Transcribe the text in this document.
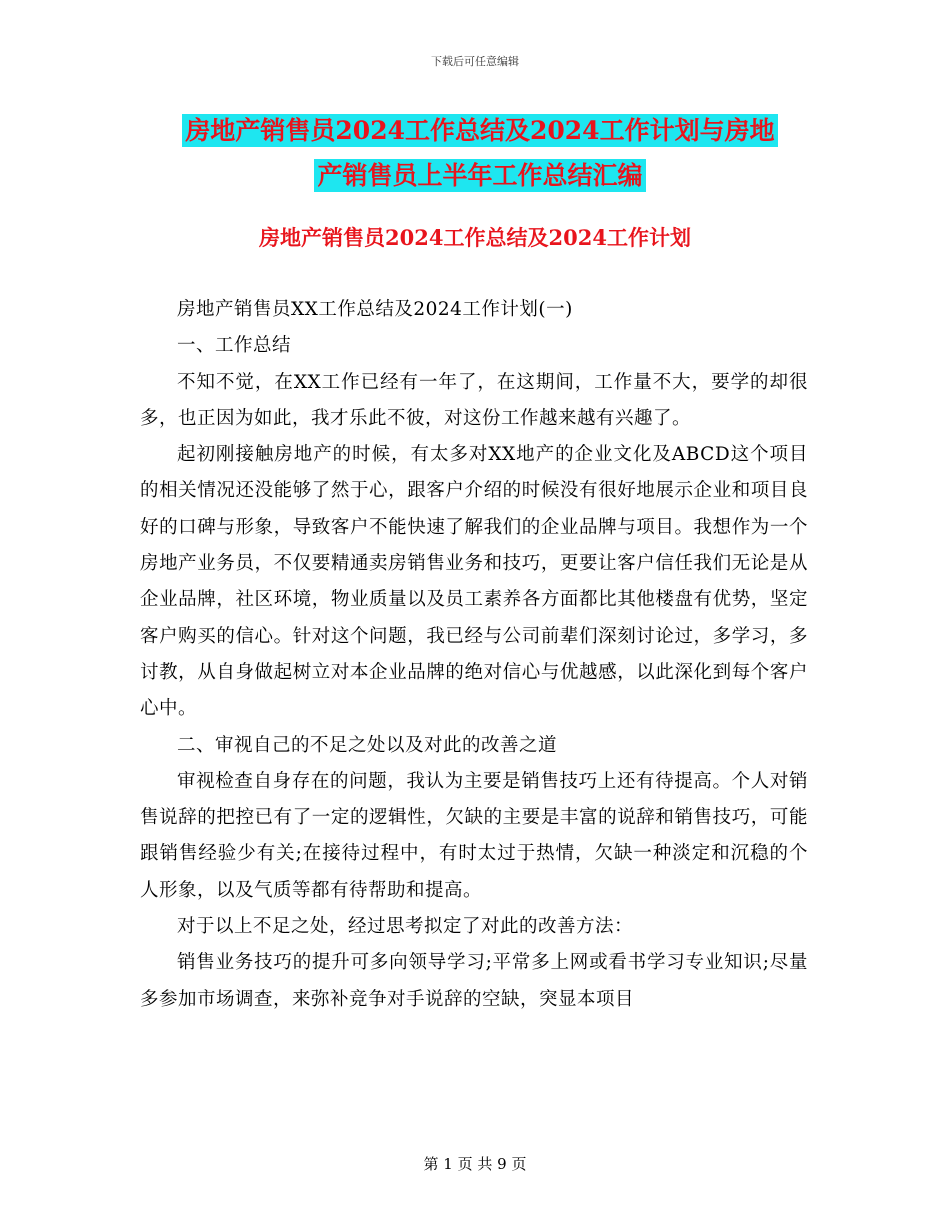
下载后可任意编辑
房地产销售员2024工作总结及2024工作计划与房地
产销售员上半年工作总结汇编
房地产销售员2024工作总结及2024工作计划

房地产销售员XX工作总结及2024工作计划(一)

一、工作总结

不知不觉，在XX工作已经有一年了，在这期间，工作量不大，要学的却很多，也正因为如此，我才乐此不彼，对这份工作越来越有兴趣了。

起初刚接触房地产的时候，有太多对XX地产的企业文化及ABCD这个项目的相关情况还没能够了然于心，跟客户介绍的时候没有很好地展示企业和项目良好的口碑与形象，导致客户不能快速了解我们的企业品牌与项目。我想作为一个房地产业务员，不仅要精通卖房销售业务和技巧，更要让客户信任我们无论是从企业品牌，社区环境，物业质量以及员工素养各方面都比其他楼盘有优势，坚定客户购买的信心。针对这个问题，我已经与公司前辈们深刻讨论过，多学习，多讨教，从自身做起树立对本企业品牌的绝对信心与优越感，以此深化到每个客户心中。

二、审视自己的不足之处以及对此的改善之道

审视检查自身存在的问题，我认为主要是销售技巧上还有待提高。个人对销售说辞的把控已有了一定的逻辑性，欠缺的主要是丰富的说辞和销售技巧，可能跟销售经验少有关;在接待过程中，有时太过于热情，欠缺一种淡定和沉稳的个人形象，以及气质等都有待帮助和提高。

对于以上不足之处，经过思考拟定了对此的改善方法：

销售业务技巧的提升可多向领导学习;平常多上网或看书学习专业知识;尽量多参加市场调查，来弥补竞争对手说辞的空缺，突显本项目

第 1 页 共 9 页
